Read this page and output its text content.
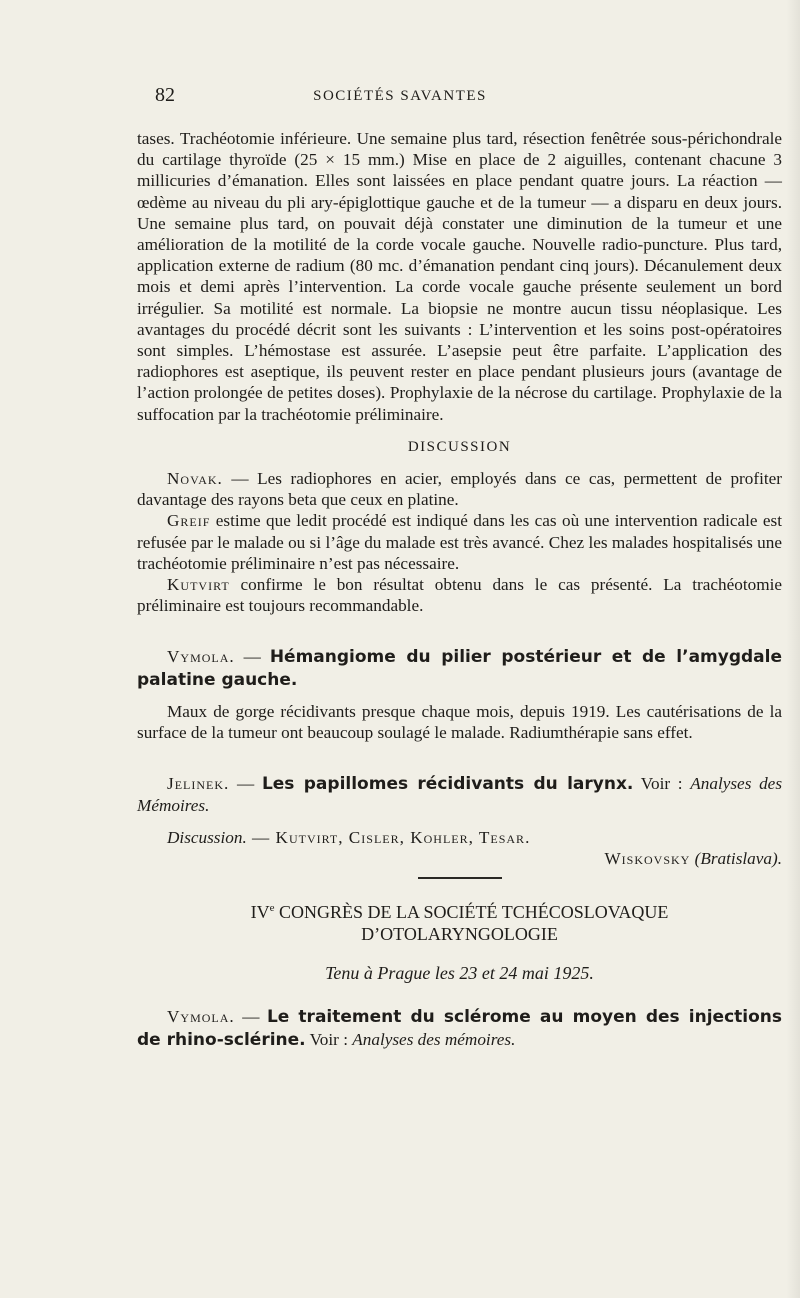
82	SOCIÉTÉS SAVANTES

tases. Trachéotomie inférieure. Une semaine plus tard, résection fenêtrée sous-périchondrale du cartilage thyroïde (25 × 15 mm.) Mise en place de 2 aiguilles, contenant chacune 3 millicuries d’émanation. Elles sont laissées en place pendant quatre jours. La réaction — œdème au niveau du pli ary-épiglottique gauche et de la tumeur — a disparu en deux jours. Une semaine plus tard, on pouvait déjà constater une diminution de la tumeur et une amélioration de la motilité de la corde vocale gauche. Nouvelle radio-puncture. Plus tard, application externe de radium (80 mc. d’émanation pendant cinq jours). Décanulement deux mois et demi après l’intervention. La corde vocale gauche présente seulement un bord irrégulier. Sa motilité est normale. La biopsie ne montre aucun tissu néoplasique. Les avantages du procédé décrit sont les suivants : L’intervention et les soins post-opératoires sont simples. L’hémostase est assurée. L’asepsie peut être parfaite. L’application des radiophores est aseptique, ils peuvent rester en place pendant plusieurs jours (avantage de l’action prolongée de petites doses). Prophylaxie de la nécrose du cartilage. Prophylaxie de la suffocation par la trachéotomie préliminaire.

DISCUSSION

Novak. — Les radiophores en acier, employés dans ce cas, permettent de profiter davantage des rayons beta que ceux en platine.

Greif estime que ledit procédé est indiqué dans les cas où une intervention radicale est refusée par le malade ou si l’âge du malade est très avancé. Chez les malades hospitalisés une trachéotomie préliminaire n’est pas nécessaire.

Kutvirt confirme le bon résultat obtenu dans le cas présenté. La trachéotomie préliminaire est toujours recommandable.

Vymola. — Hémangiome du pilier postérieur et de l’amygdale palatine gauche.

Maux de gorge récidivants presque chaque mois, depuis 1919. Les cautérisations de la surface de la tumeur ont beaucoup soulagé le malade. Radiumthérapie sans effet.

Jelinek. — Les papillomes récidivants du larynx. Voir : Analyses des Mémoires.

Discussion. — Kutvirt, Cisler, Kohler, Tesar.

Wiskovsky (Bratislava).

IVe CONGRÈS DE LA SOCIÉTÉ TCHÉCOSLOVAQUE
D’OTOLARYNGOLOGIE
Tenu à Prague les 23 et 24 mai 1925.

Vymola. — Le traitement du sclérome au moyen des injections de rhino-sclérine. Voir : Analyses des mémoires.
